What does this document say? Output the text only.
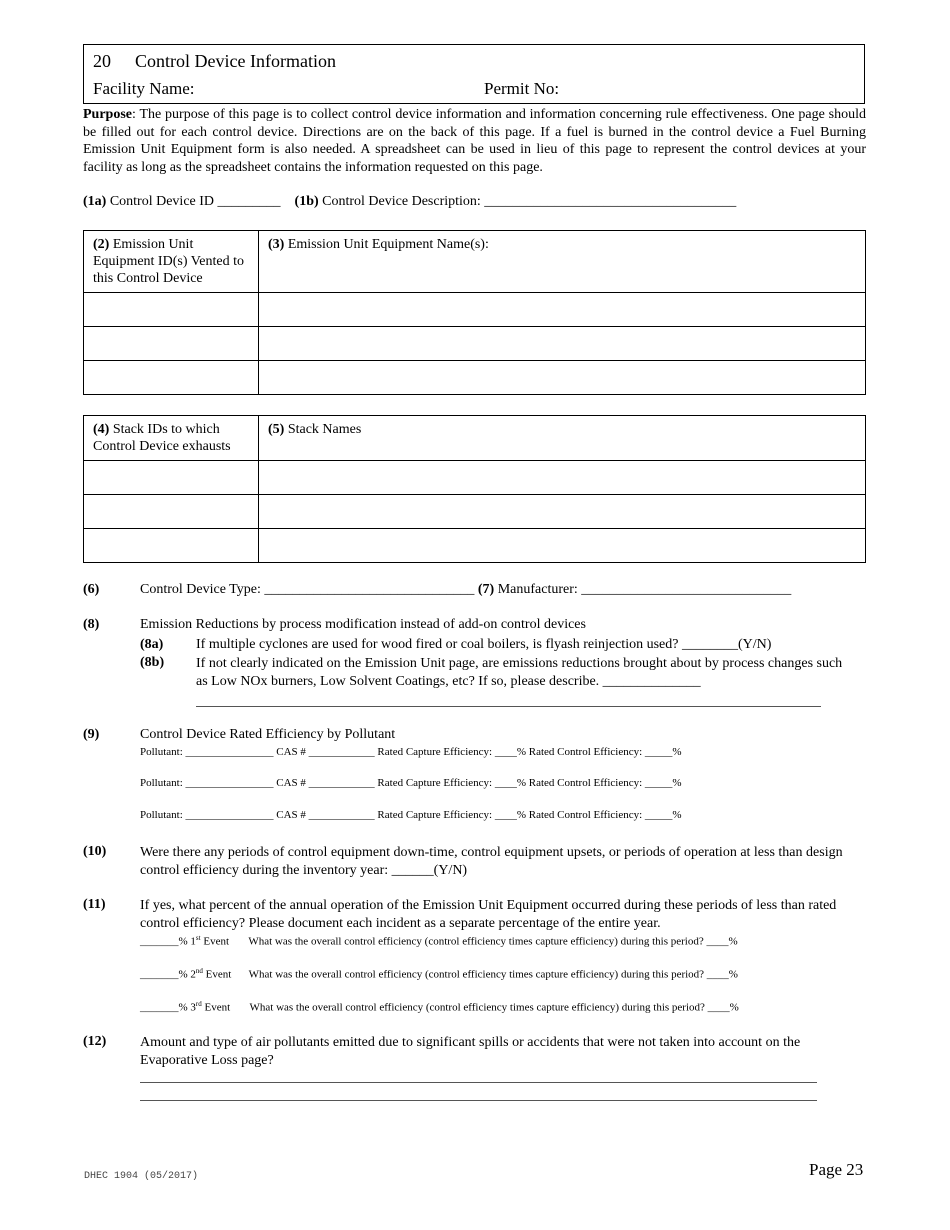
20 Control Device Information
Facility Name:	Permit No:
Purpose: The purpose of this page is to collect control device information and information concerning rule effectiveness. One page should be filled out for each control device. Directions are on the back of this page. If a fuel is burned in the control device a Fuel Burning Emission Unit Equipment form is also needed. A spreadsheet can be used in lieu of this page to represent the control devices at your facility as long as the spreadsheet contains the information requested on this page.
(1a) Control Device ID _________ (1b) Control Device Description: ____________________________________
(2) Emission Unit Equipment ID(s) Vented to this Control Device	(3) Emission Unit Equipment Name(s):

(4) Stack IDs to which Control Device exhausts	(5) Stack Names

(6)	Control Device Type: ______________________________ (7) Manufacturer: ______________________________
(8)	Emission Reductions by process modification instead of add-on control devices
(8a) If multiple cyclones are used for wood fired or coal boilers, is flyash reinjection used? ________(Y/N)
(8b) If not clearly indicated on the Emission Unit page, are emissions reductions brought about by process changes such as Low NOx burners, Low Solvent Coatings, etc? If so, please describe. ______________
(9)	Control Device Rated Efficiency by Pollutant
Pollutant: ________________ CAS # ____________ Rated Capture Efficiency: ____% Rated Control Efficiency: _____%
Pollutant: ________________ CAS # ____________ Rated Capture Efficiency: ____% Rated Control Efficiency: _____%
Pollutant: ________________ CAS # ____________ Rated Capture Efficiency: ____% Rated Control Efficiency: _____%
(10) Were there any periods of control equipment down-time, control equipment upsets, or periods of operation at less than design control efficiency during the inventory year: ______(Y/N)
(11) If yes, what percent of the annual operation of the Emission Unit Equipment occurred during these periods of less than rated control efficiency? Please document each incident as a separate percentage of the entire year.
_______% 1st Event What was the overall control efficiency (control efficiency times capture efficiency) during this period? ____%
_______% 2nd Event What was the overall control efficiency (control efficiency times capture efficiency) during this period? ____%
_______% 3rd Event What was the overall control efficiency (control efficiency times capture efficiency) during this period? ____%
(12) Amount and type of air pollutants emitted due to significant spills or accidents that were not taken into account on the Evaporative Loss page?
DHEC 1904 (05/2017)	Page 23
